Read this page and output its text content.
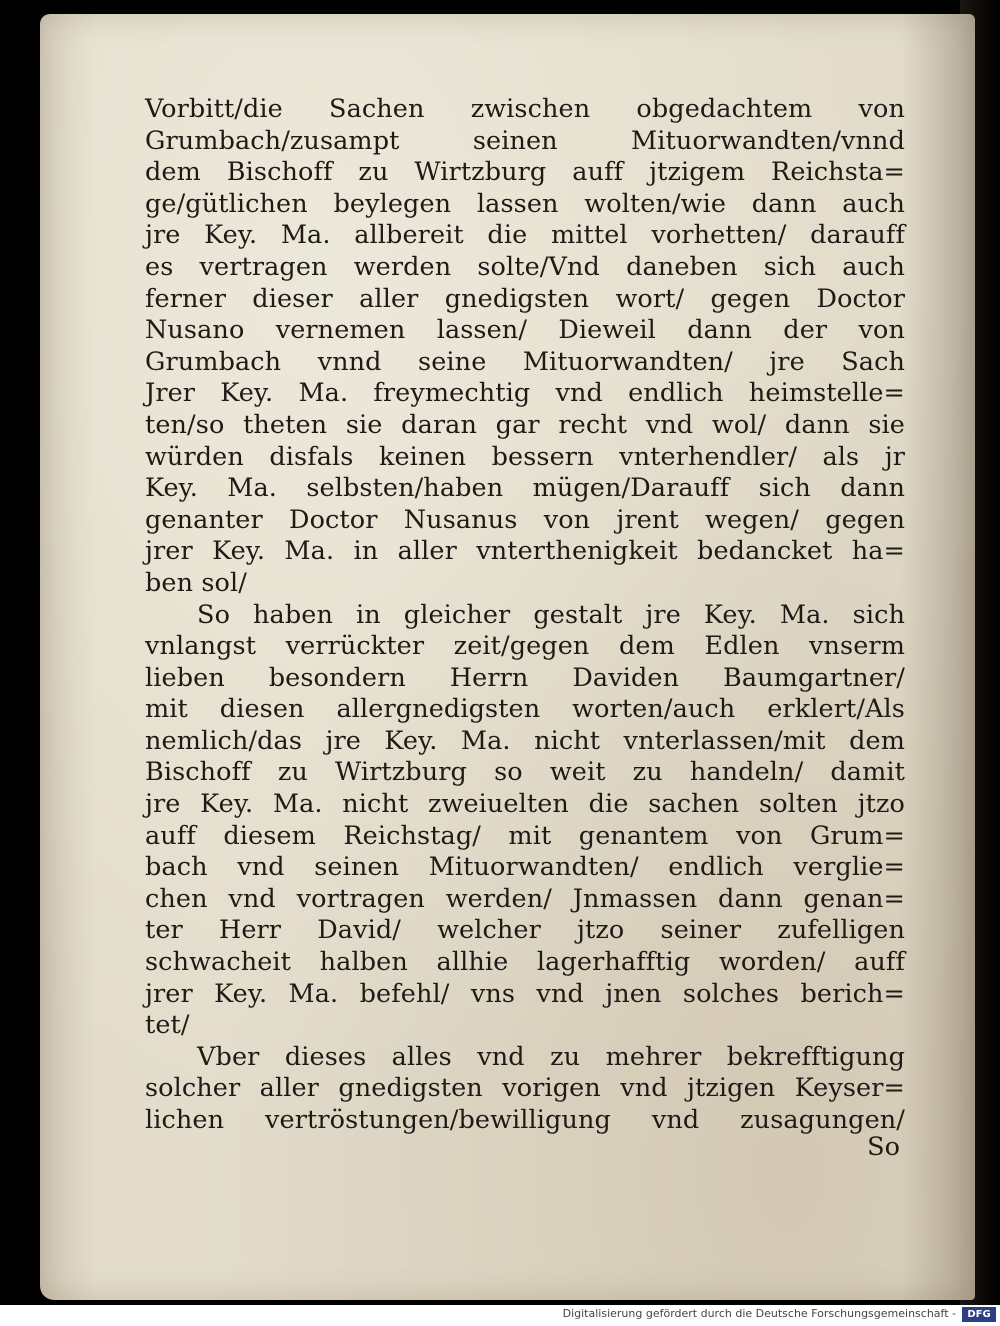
Vorbitt/die Sachen zwischen obgedachtem von
Grumbach/zusampt seinen Mituorwandten/vnnd
dem Bischoff zu Wirtzburg auff jtzigem Reichsta=
ge/gütlichen beylegen lassen wolten/wie dann auch
jre Key. Ma. allbereit die mittel vorhetten/ darauff
es vertragen werden solte/Vnd daneben sich auch
ferner dieser aller gnedigsten wort/ gegen Doctor
Nusano vernemen lassen/ Dieweil dann der von
Grumbach vnnd seine Mituorwandten/ jre Sach
Jrer Key. Ma. freymechtig vnd endlich heimstelle=
ten/so theten sie daran gar recht vnd wol/ dann sie
würden disfals keinen bessern vnterhendler/ als jr
Key. Ma. selbsten/haben mügen/Darauff sich dann
genanter Doctor Nusanus von jrent wegen/ gegen
jrer Key. Ma. in aller vnterthenigkeit bedancket ha=
ben sol/
So haben in gleicher gestalt jre Key. Ma. sich
vnlangst verrückter zeit/gegen dem Edlen vnserm
lieben besondern Herrn Daviden Baumgartner/
mit diesen allergnedigsten worten/auch erklert/Als
nemlich/das jre Key. Ma. nicht vnterlassen/mit dem
Bischoff zu Wirtzburg so weit zu handeln/ damit
jre Key. Ma. nicht zweiuelten die sachen solten jtzo
auff diesem Reichstag/ mit genantem von Grum=
bach vnd seinen Mituorwandten/ endlich verglie=
chen vnd vortragen werden/ Jnmassen dann genan=
ter Herr David/ welcher jtzo seiner zufelligen
schwacheit halben allhie lagerhafftig worden/ auff
jrer Key. Ma. befehl/ vns vnd jnen solches berich=
tet/
Vber dieses alles vnd zu mehrer bekrefftigung
solcher aller gnedigsten vorigen vnd jtzigen Keyser=
lichen vertröstungen/bewilligung vnd zusagungen/
So
Digitalisierung gefördert durch die Deutsche Forschungsgemeinschaft -	DFG
